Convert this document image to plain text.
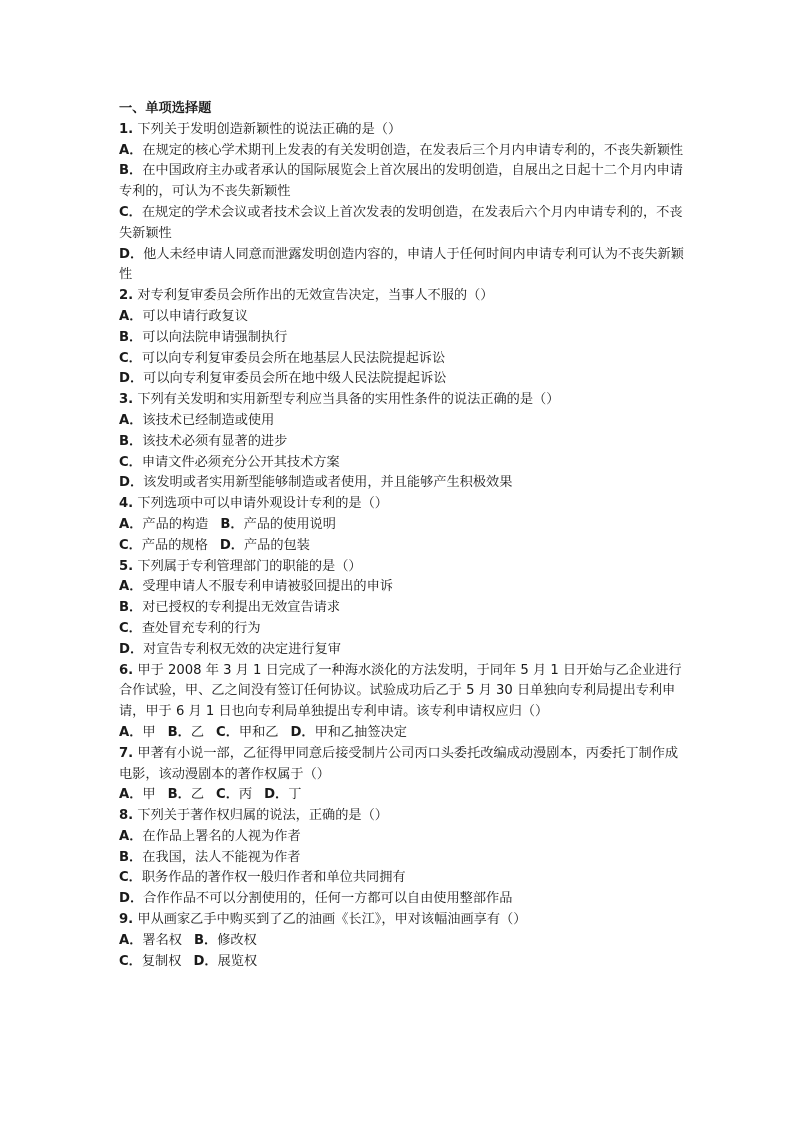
一、单项选择题
1. 下列关于发明创造新颖性的说法正确的是（）
A．在规定的核心学术期刊上发表的有关发明创造，在发表后三个月内申请专利的，不丧失新颖性
B．在中国政府主办或者承认的国际展览会上首次展出的发明创造，自展出之日起十二个月内申请专利的，可认为不丧失新颖性
C．在规定的学术会议或者技术会议上首次发表的发明创造，在发表后六个月内申请专利的，不丧失新颖性
D．他人未经申请人同意而泄露发明创造内容的，申请人于任何时间内申请专利可认为不丧失新颖性
2. 对专利复审委员会所作出的无效宣告决定，当事人不服的（）
A．可以申请行政复议
B．可以向法院申请强制执行
C．可以向专利复审委员会所在地基层人民法院提起诉讼
D．可以向专利复审委员会所在地中级人民法院提起诉讼
3. 下列有关发明和实用新型专利应当具备的实用性条件的说法正确的是（）
A．该技术已经制造或使用
B．该技术必须有显著的进步
C．申请文件必须充分公开其技术方案
D．该发明或者实用新型能够制造或者使用，并且能够产生积极效果
4. 下列选项中可以申请外观设计专利的是（）
A．产品的构造 B．产品的使用说明
C．产品的规格 D．产品的包装
5. 下列属于专利管理部门的职能的是（）
A．受理申请人不服专利申请被驳回提出的申诉
B．对已授权的专利提出无效宣告请求
C．查处冒充专利的行为
D．对宣告专利权无效的决定进行复审
6. 甲于 2008 年 3 月 1 日完成了一种海水淡化的方法发明，于同年 5 月 1 日开始与乙企业进行合作试验，甲、乙之间没有签订任何协议。试验成功后乙于 5 月 30 日单独向专利局提出专利申请，甲于 6 月 1 日也向专利局单独提出专利申请。该专利申请权应归（）
A．甲 B．乙 C．甲和乙 D．甲和乙抽签决定
7. 甲著有小说一部，乙征得甲同意后接受制片公司丙口头委托改编成动漫剧本，丙委托丁制作成电影，该动漫剧本的著作权属于（）
A．甲 B．乙 C．丙 D．丁
8. 下列关于著作权归属的说法，正确的是（）
A．在作品上署名的人视为作者
B．在我国，法人不能视为作者
C．职务作品的著作权一般归作者和单位共同拥有
D．合作作品不可以分割使用的，任何一方都可以自由使用整部作品
9. 甲从画家乙手中购买到了乙的油画《长江》，甲对该幅油画享有（）
A．署名权 B．修改权
C．复制权 D．展览权
